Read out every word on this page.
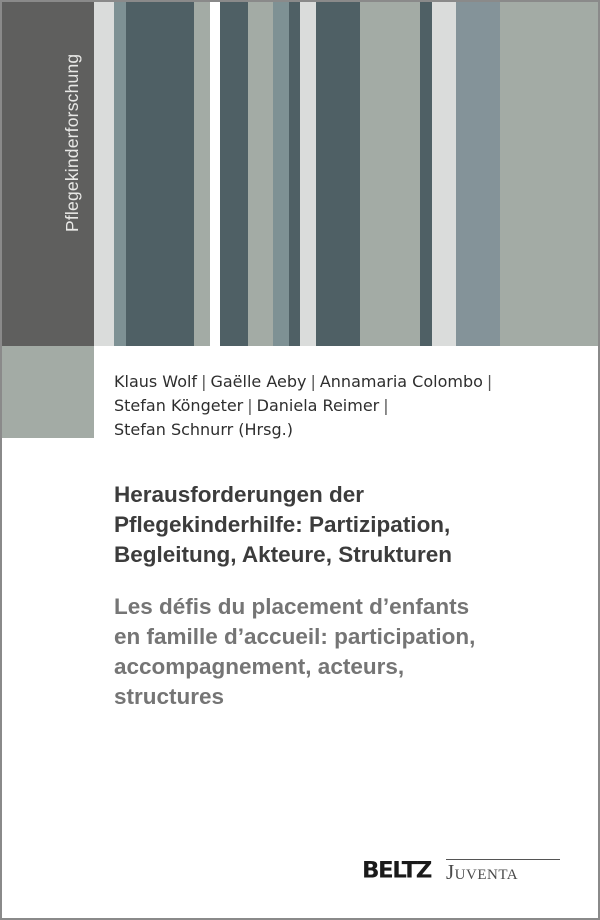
Pflegekinderforschung
Klaus Wolf | Gaëlle Aeby | Annamaria Colombo |
Stefan Köngeter | Daniela Reimer |
Stefan Schnurr (Hrsg.)
Herausforderungen der
Pflegekinderhilfe: Partizipation,
Begleitung, Akteure, Strukturen
Les défis du placement d’enfants
en famille d’accueil: participation,
accompagnement, acteurs,
structures
BELTZ Juventa
